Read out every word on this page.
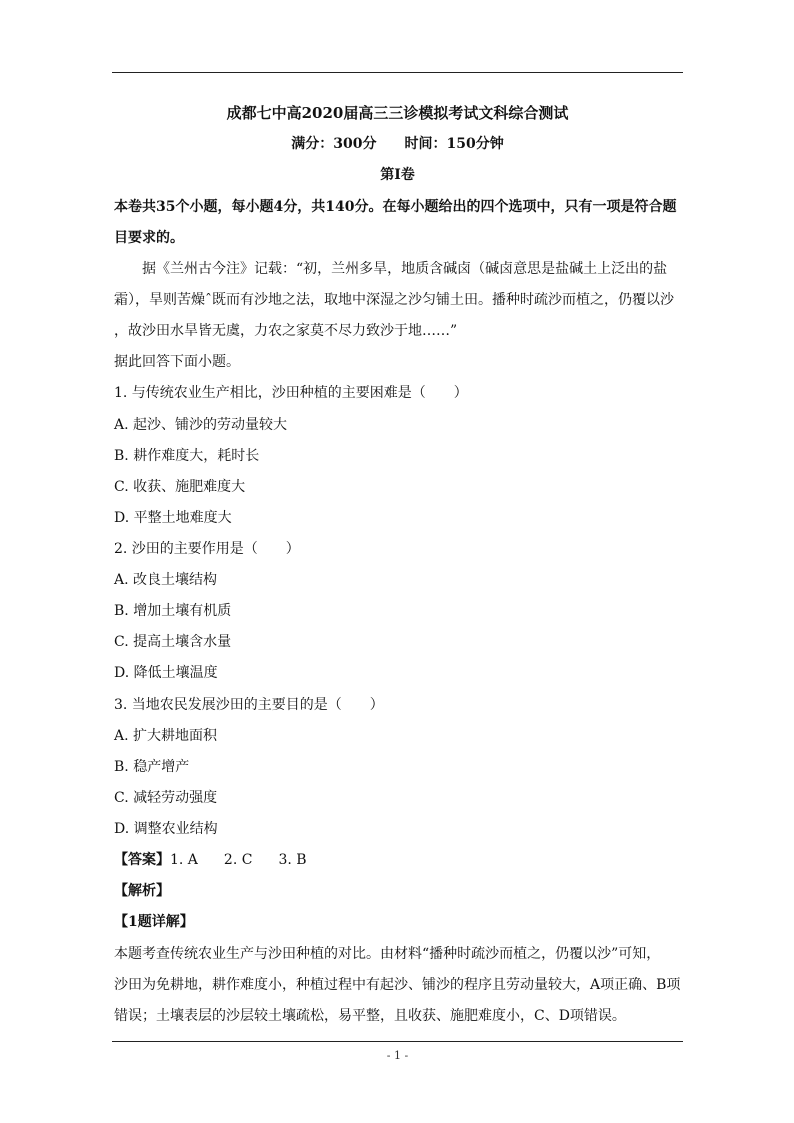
成都七中高2020届高三三诊模拟考试文科综合测试
满分：300分　　时间：150分钟
第Ⅰ卷
本卷共35个小题，每小题4分，共140分。在每小题给出的四个选项中，只有一项是符合题
目要求的。
据《兰州古今注》记载：“初，兰州多旱，地质含碱卤（碱卤意思是盐碱土上泛出的盐
霜），旱则苦燥ˆ既而有沙地之法，取地中深湿之沙匀铺土田。播种时疏沙而植之，仍覆以沙
，故沙田水旱皆无虞，力农之家莫不尽力致沙于地……”
据此回答下面小题。
1. 与传统农业生产相比，沙田种植的主要困难是（　　）
A. 起沙、铺沙的劳动量较大
B. 耕作难度大，耗时长
C. 收获、施肥难度大
D. 平整土地难度大
2. 沙田的主要作用是（　　）
A. 改良土壤结构
B. 增加土壤有机质
C. 提高土壤含水量
D. 降低土壤温度
3. 当地农民发展沙田的主要目的是（　　）
A. 扩大耕地面积
B. 稳产增产
C. 减轻劳动强度
D. 调整农业结构
【答案】1. A 2. C 3. B
【解析】
【1题详解】
本题考查传统农业生产与沙田种植的对比。由材料“播种时疏沙而植之，仍覆以沙”可知，
沙田为免耕地，耕作难度小，种植过程中有起沙、铺沙的程序且劳动量较大，A项正确、B项
错误；土壤表层的沙层较土壤疏松，易平整，且收获、施肥难度小，C、D项错误。
- 1 -
